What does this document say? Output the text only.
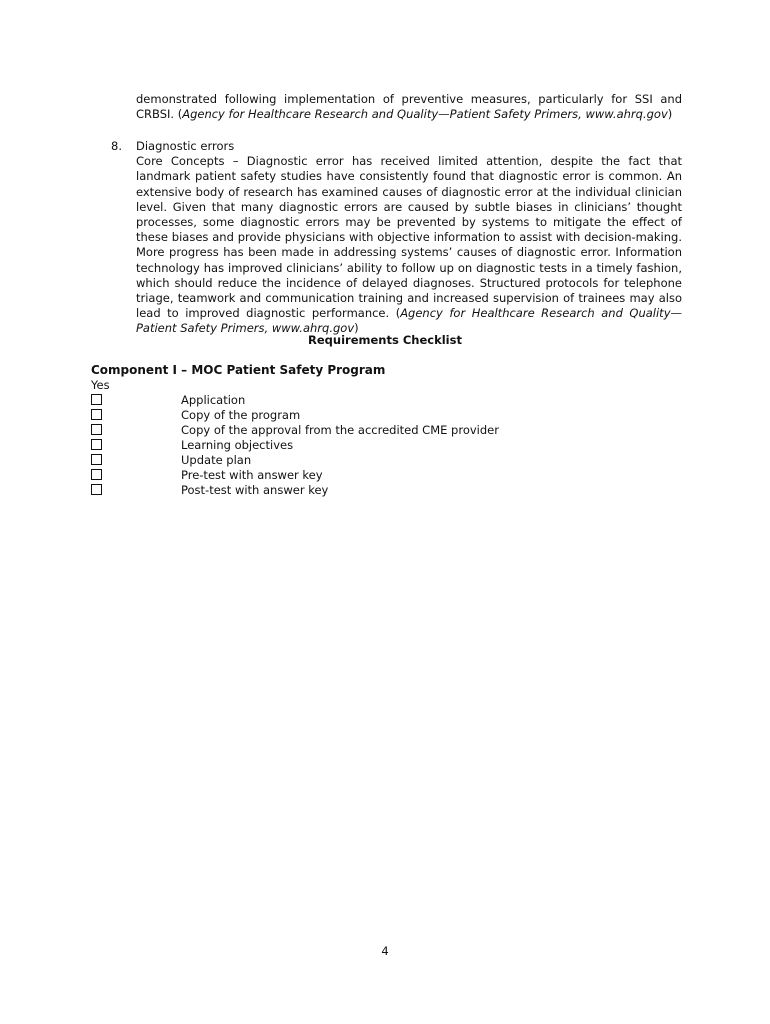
demonstrated following implementation of preventive measures, particularly for SSI and CRBSI. (Agency for Healthcare Research and Quality—Patient Safety Primers, www.ahrq.gov)
8. Diagnostic errors
Core Concepts – Diagnostic error has received limited attention, despite the fact that landmark patient safety studies have consistently found that diagnostic error is common. An extensive body of research has examined causes of diagnostic error at the individual clinician level. Given that many diagnostic errors are caused by subtle biases in clinicians’ thought processes, some diagnostic errors may be prevented by systems to mitigate the effect of these biases and provide physicians with objective information to assist with decision-making. More progress has been made in addressing systems’ causes of diagnostic error. Information technology has improved clinicians’ ability to follow up on diagnostic tests in a timely fashion, which should reduce the incidence of delayed diagnoses. Structured protocols for telephone triage, teamwork and communication training and increased supervision of trainees may also lead to improved diagnostic performance. (Agency for Healthcare Research and Quality—Patient Safety Primers, www.ahrq.gov)
Requirements Checklist
Component I – MOC Patient Safety Program
Yes
Application
Copy of the program
Copy of the approval from the accredited CME provider
Learning objectives
Update plan
Pre-test with answer key
Post-test with answer key
4
